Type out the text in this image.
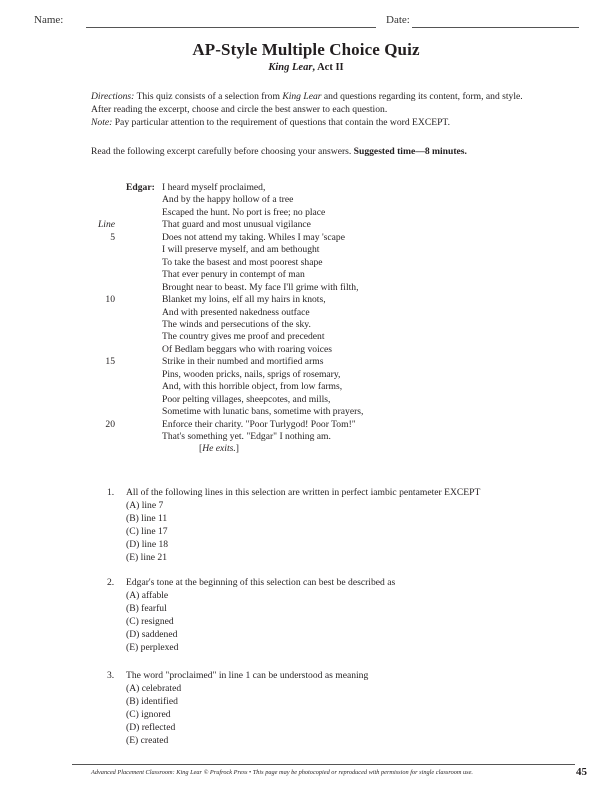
Name:	Date:
AP-Style Multiple Choice Quiz
King Lear, Act II
Directions: This quiz consists of a selection from King Lear and questions regarding its content, form, and style. After reading the excerpt, choose and circle the best answer to each question.
Note: Pay particular attention to the requirement of questions that contain the word EXCEPT.
Read the following excerpt carefully before choosing your answers. Suggested time—8 minutes.
Edgar: I heard myself proclaimed,
And by the happy hollow of a tree
Escaped the hunt. No port is free; no place
Line	That guard and most unusual vigilance
5	Does not attend my taking. Whiles I may 'scape
I will preserve myself, and am bethought
To take the basest and most poorest shape
That ever penury in contempt of man
Brought near to beast. My face I'll grime with filth,
10	Blanket my loins, elf all my hairs in knots,
And with presented nakedness outface
The winds and persecutions of the sky.
The country gives me proof and precedent
Of Bedlam beggars who with roaring voices
15	Strike in their numbed and mortified arms
Pins, wooden pricks, nails, sprigs of rosemary,
And, with this horrible object, from low farms,
Poor pelting villages, sheepcotes, and mills,
Sometime with lunatic bans, sometime with prayers,
20	Enforce their charity. "Poor Turlygod! Poor Tom!"
That's something yet. "Edgar" I nothing am.
[He exits.]
1. All of the following lines in this selection are written in perfect iambic pentameter EXCEPT
(A) line 7
(B) line 11
(C) line 17
(D) line 18
(E) line 21
2. Edgar's tone at the beginning of this selection can best be described as
(A) affable
(B) fearful
(C) resigned
(D) saddened
(E) perplexed
3. The word "proclaimed" in line 1 can be understood as meaning
(A) celebrated
(B) identified
(C) ignored
(D) reflected
(E) created
Advanced Placement Classroom: King Lear © Prufrock Press • This page may be photocopied or reproduced with permission for single classroom use.	45
